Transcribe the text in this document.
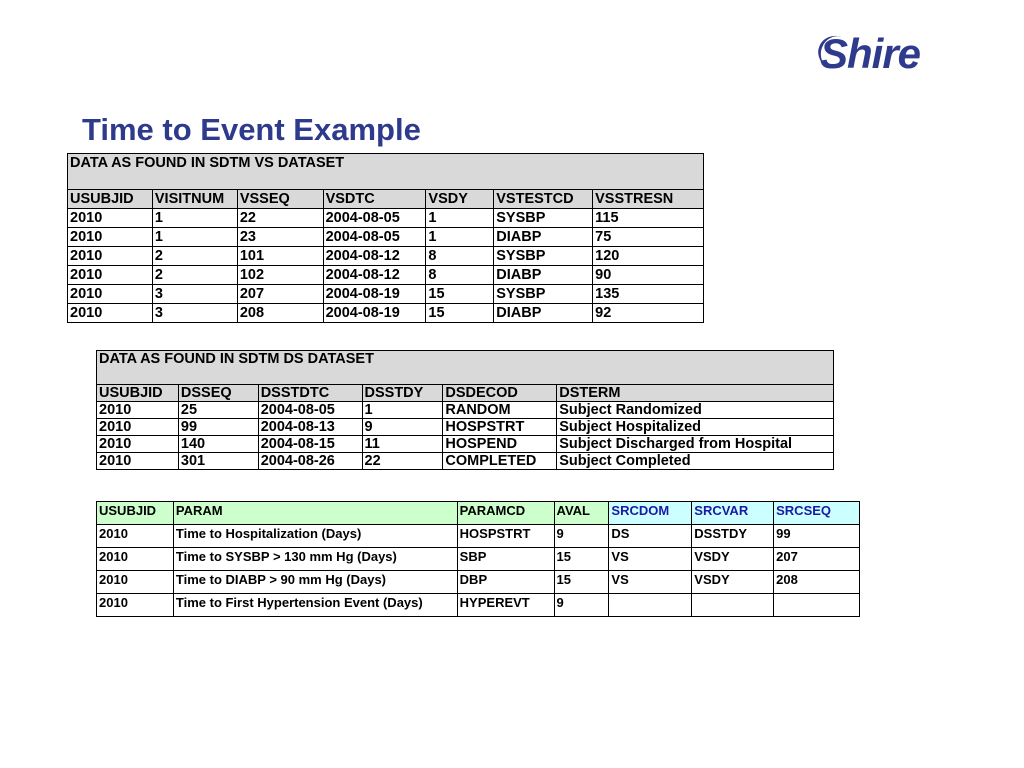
Shire
Time to Event Example
DATA AS FOUND IN SDTM VS DATASET						

USUBJID	VISITNUM	VSSEQ	VSDTC	VSDY	VSTESTCD	VSSTRESN
2010	1	22	2004-08-05	1	SYSBP	115
2010	1	23	2004-08-05	1	DIABP	75
2010	2	101	2004-08-12	8	SYSBP	120
2010	2	102	2004-08-12	8	DIABP	90
2010	3	207	2004-08-19	15	SYSBP	135
2010	3	208	2004-08-19	15	DIABP	92
DATA AS FOUND IN SDTM DS DATASET					

USUBJID	DSSEQ	DSSTDTC	DSSTDY	DSDECOD	DSTERM
2010	25	2004-08-05	1	RANDOM	Subject Randomized
2010	99	2004-08-13	9	HOSPSTRT	Subject Hospitalized
2010	140	2004-08-15	11	HOSPEND	Subject Discharged from Hospital
2010	301	2004-08-26	22	COMPLETED	Subject Completed
USUBJID	PARAM	PARAMCD	AVAL	SRCDOM	SRCVAR	SRCSEQ
2010	Time to Hospitalization (Days)	HOSPSTRT	9	DS	DSSTDY	99
2010	Time to SYSBP > 130 mm Hg (Days)	SBP	15	VS	VSDY	207
2010	Time to DIABP > 90 mm Hg (Days)	DBP	15	VS	VSDY	208
2010	Time to First Hypertension Event (Days)	HYPEREVT	9			
